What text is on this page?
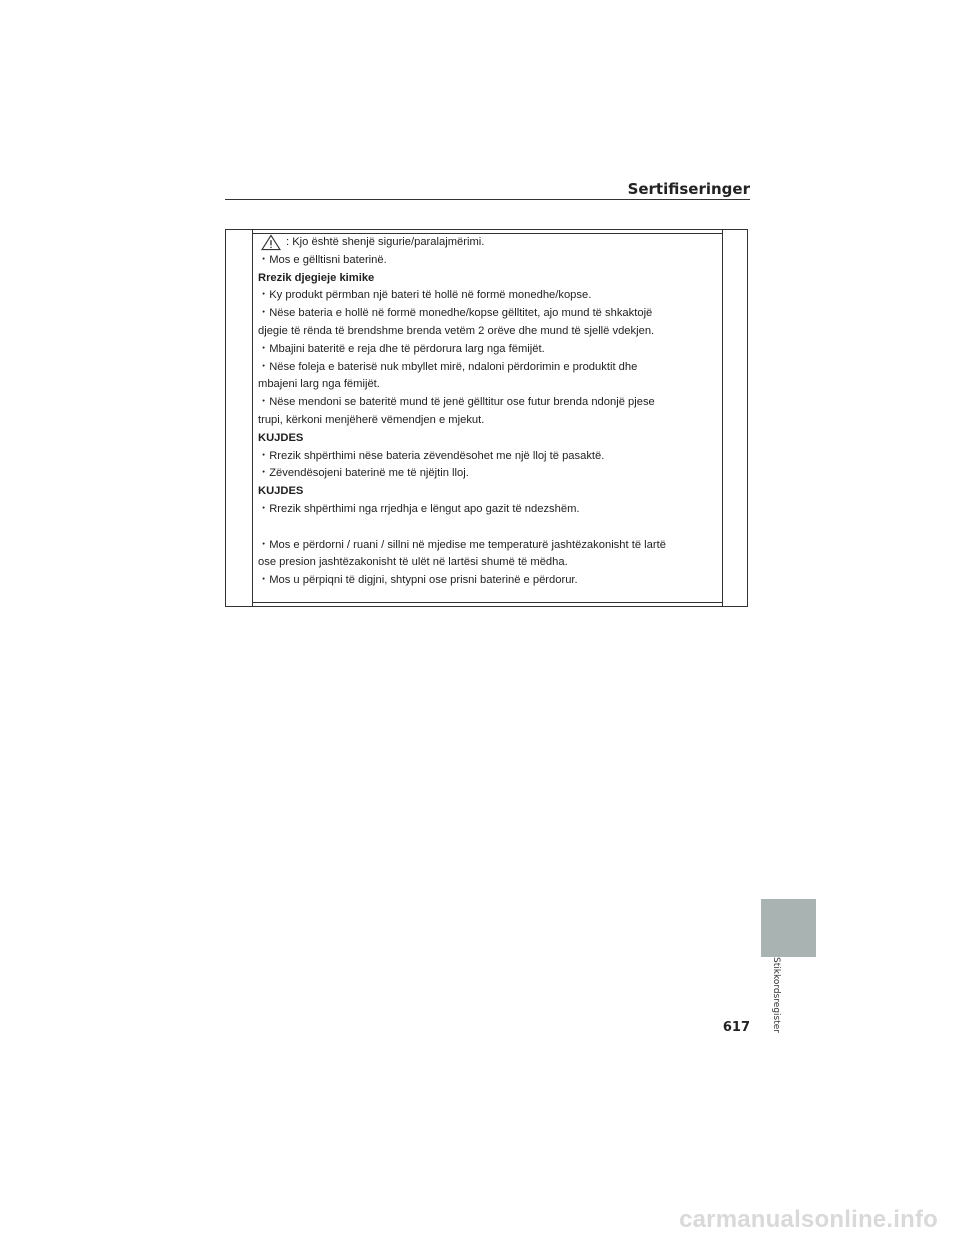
Sertifiseringer
: Kjo është shenjë sigurie/paralajmërimi.
・Mos e gëlltisni baterinë.
Rrezik djegieje kimike
・Ky produkt përmban një bateri të hollë në formë monedhe/kopse.
・Nëse bateria e hollë në formë monedhe/kopse gëlltitet, ajo mund të shkaktojë
djegie të rënda të brendshme brenda vetëm 2 orëve dhe mund të sjellë vdekjen.
・Mbajini bateritë e reja dhe të përdorura larg nga fëmijët.
・Nëse foleja e baterisë nuk mbyllet mirë, ndaloni përdorimin e produktit dhe
mbajeni larg nga fëmijët.
・Nëse mendoni se bateritë mund të jenë gëlltitur ose futur brenda ndonjë pjese
trupi, kërkoni menjëherë vëmendjen e mjekut.
KUJDES
・Rrezik shpërthimi nëse bateria zëvendësohet me një lloj të pasaktë.
・Zëvendësojeni baterinë me të njëjtin lloj.
KUJDES
・Rrezik shpërthimi nga rrjedhja e lëngut apo gazit të ndezshëm.
・Mos e përdorni / ruani / sillni në mjedise me temperaturë jashtëzakonisht të lartë
ose presion jashtëzakonisht të ulët në lartësi shumë të mëdha.
・Mos u përpiqni të digjni, shtypni ose prisni baterinë e përdorur.
Stikkordsregister
617
carmanualsonline.info
